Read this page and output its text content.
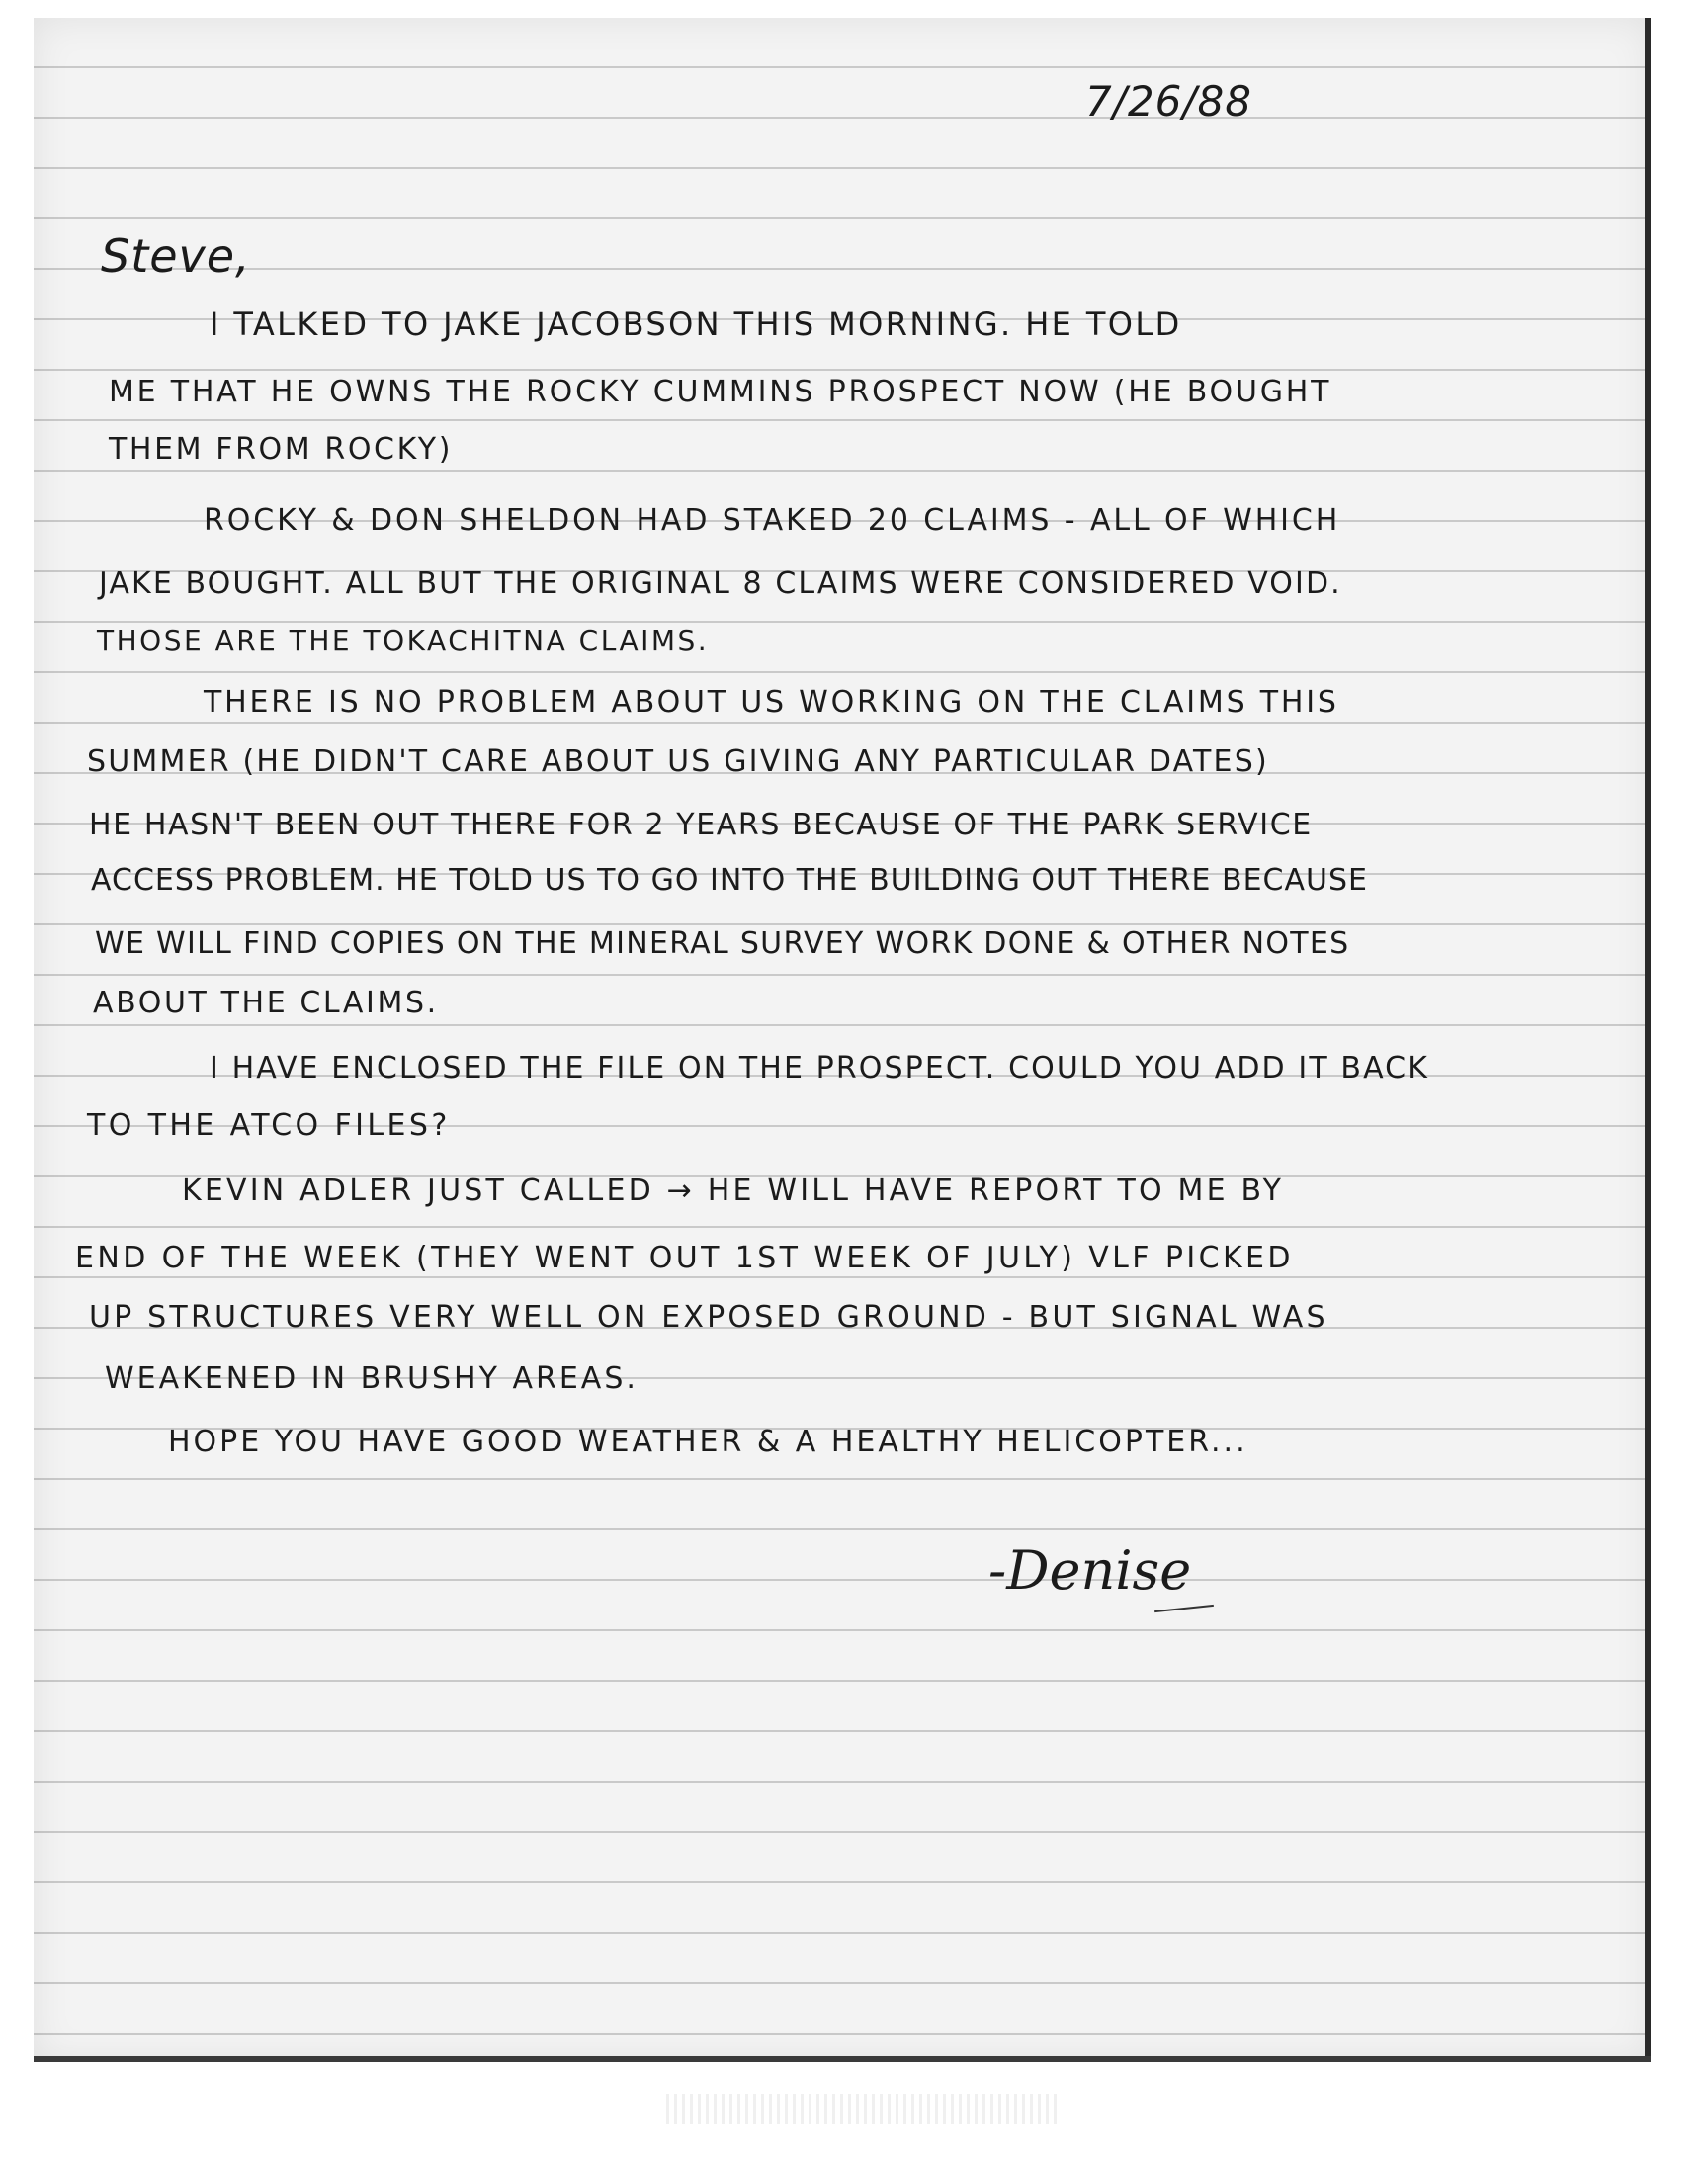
7/26/88
Steve,
I TALKED TO JAKE JACOBSON THIS MORNING. HE TOLD
ME THAT HE OWNS THE ROCKY CUMMINS PROSPECT NOW (HE BOUGHT
THEM FROM ROCKY)
ROCKY & DON SHELDON HAD STAKED 20 CLAIMS - ALL OF WHICH
JAKE BOUGHT. ALL BUT THE ORIGINAL 8 CLAIMS WERE CONSIDERED VOID.
THOSE ARE THE TOKACHITNA CLAIMS.
THERE IS NO PROBLEM ABOUT US WORKING ON THE CLAIMS THIS
SUMMER (HE DIDN'T CARE ABOUT US GIVING ANY PARTICULAR DATES)
HE HASN'T BEEN OUT THERE FOR 2 YEARS BECAUSE OF THE PARK SERVICE
ACCESS PROBLEM. HE TOLD US TO GO INTO THE BUILDING OUT THERE BECAUSE
WE WILL FIND COPIES ON THE MINERAL SURVEY WORK DONE & OTHER NOTES
ABOUT THE CLAIMS.
I HAVE ENCLOSED THE FILE ON THE PROSPECT. COULD YOU ADD IT BACK
TO THE ATCO FILES?
KEVIN ADLER JUST CALLED → HE WILL HAVE REPORT TO ME BY
END OF THE WEEK (THEY WENT OUT 1ST WEEK OF JULY) VLF PICKED
UP STRUCTURES VERY WELL ON EXPOSED GROUND - BUT SIGNAL WAS
WEAKENED IN BRUSHY AREAS.
HOPE YOU HAVE GOOD WEATHER & A HEALTHY HELICOPTER...
-Denise
